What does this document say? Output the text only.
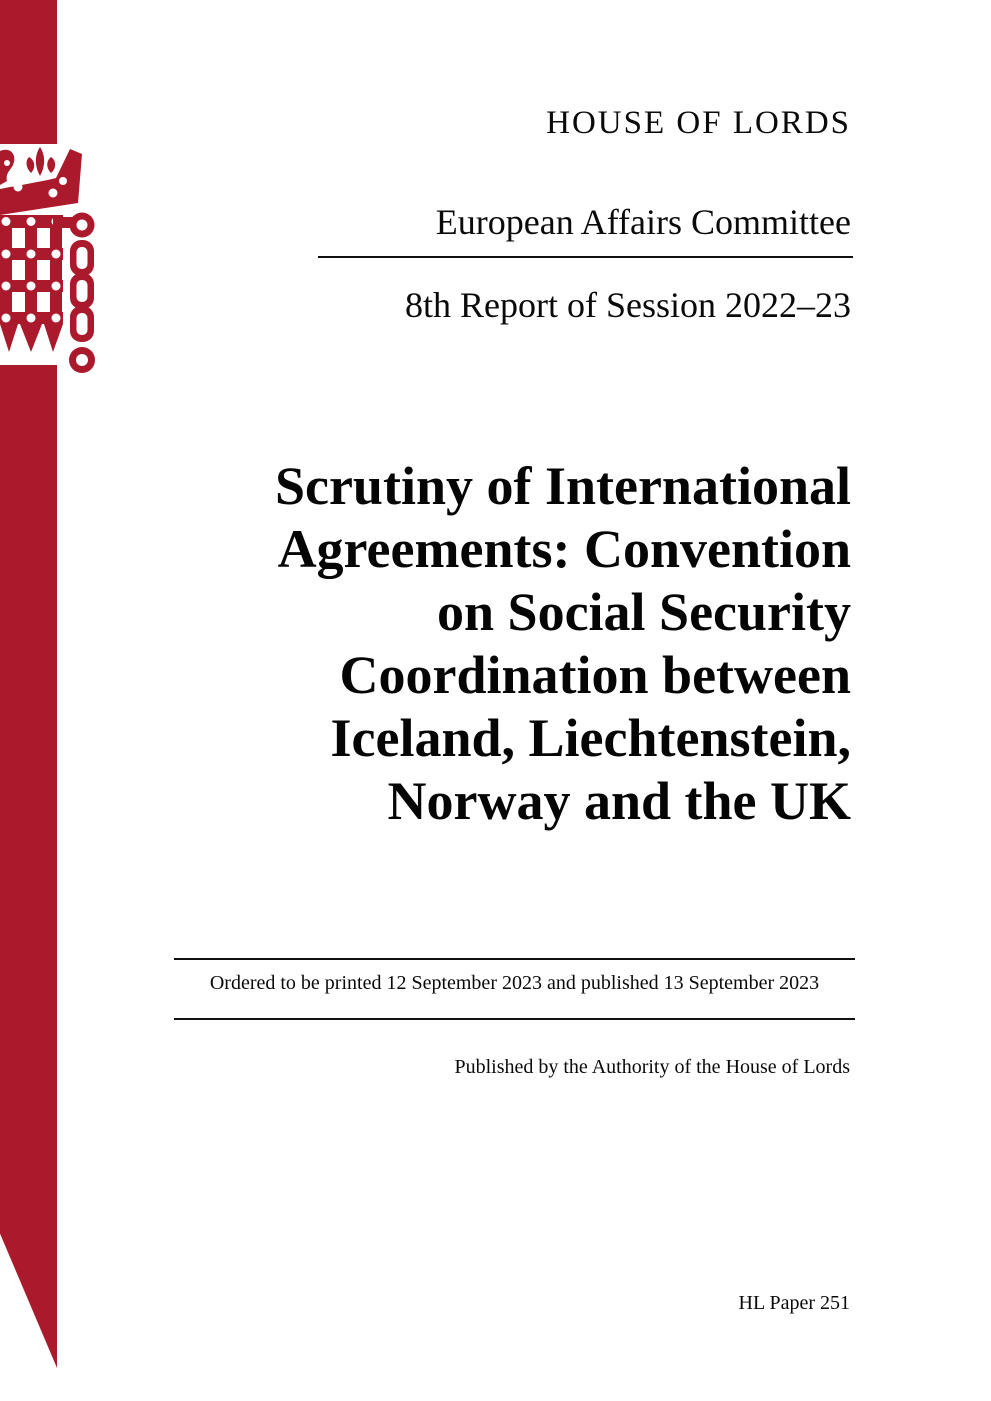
HOUSE OF LORDS
European Affairs Committee
8th Report of Session 2022–23
Scrutiny of International
Agreements: Convention
on Social Security
Coordination between
Iceland, Liechtenstein,
Norway and the UK
Ordered to be printed 12 September 2023 and published 13 September 2023
Published by the Authority of the House of Lords
HL Paper 251
